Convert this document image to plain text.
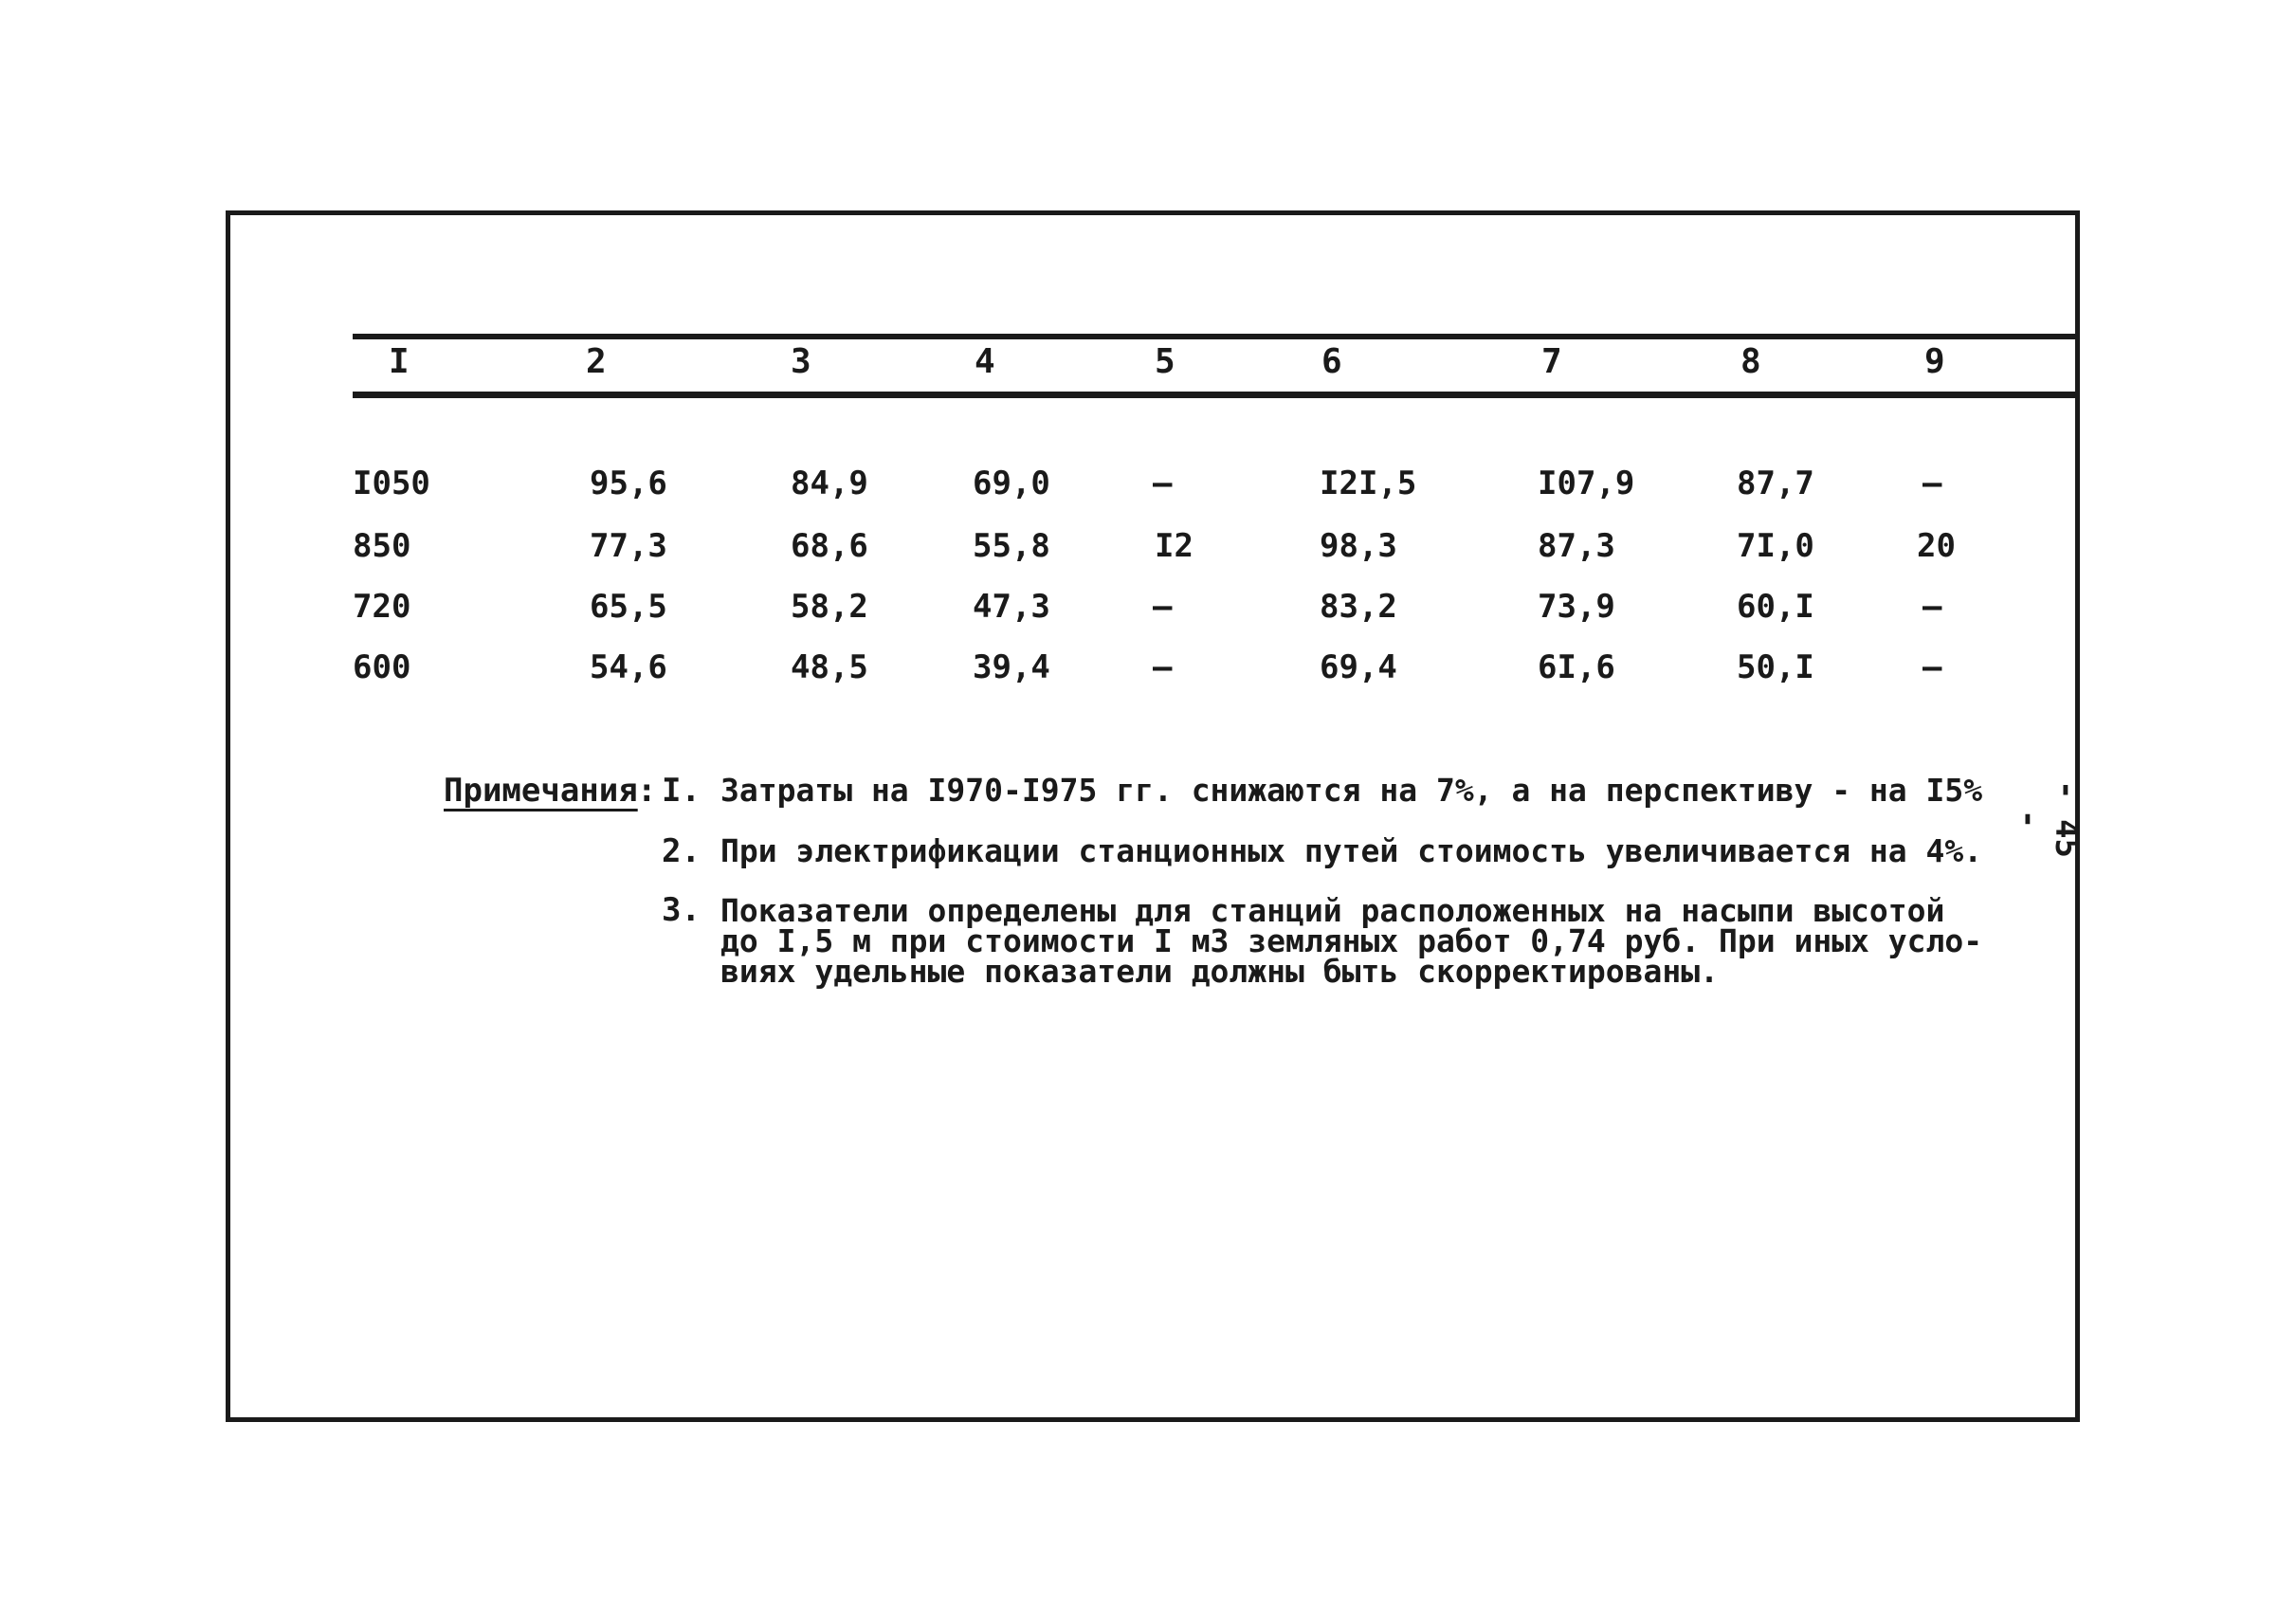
I	2	3	4	5	6	7	8	9
I050	95,6	84,9	69,0	—	I2I,5	I07,9	87,7	—
850	77,3	68,6	55,8	I2	98,3	87,3	7I,0	20
720	65,5	58,2	47,3	—	83,2	73,9	60,I	—
600	54,6	48,5	39,4	—	69,4	6I,6	50,I	—
Примечания : I. Затраты на I970-I975 гг. снижаются на 7%, а на перспективу - на I5%
2. При электрификации станционных путей стоимость увеличивается на 4%.
3. Показатели определены для станций расположенных на насыпи высотой
до I,5 м при стоимости I м3 земляных работ 0,74 руб. При иных усло-
виях удельные показатели должны быть скорректированы.
- 45 -
